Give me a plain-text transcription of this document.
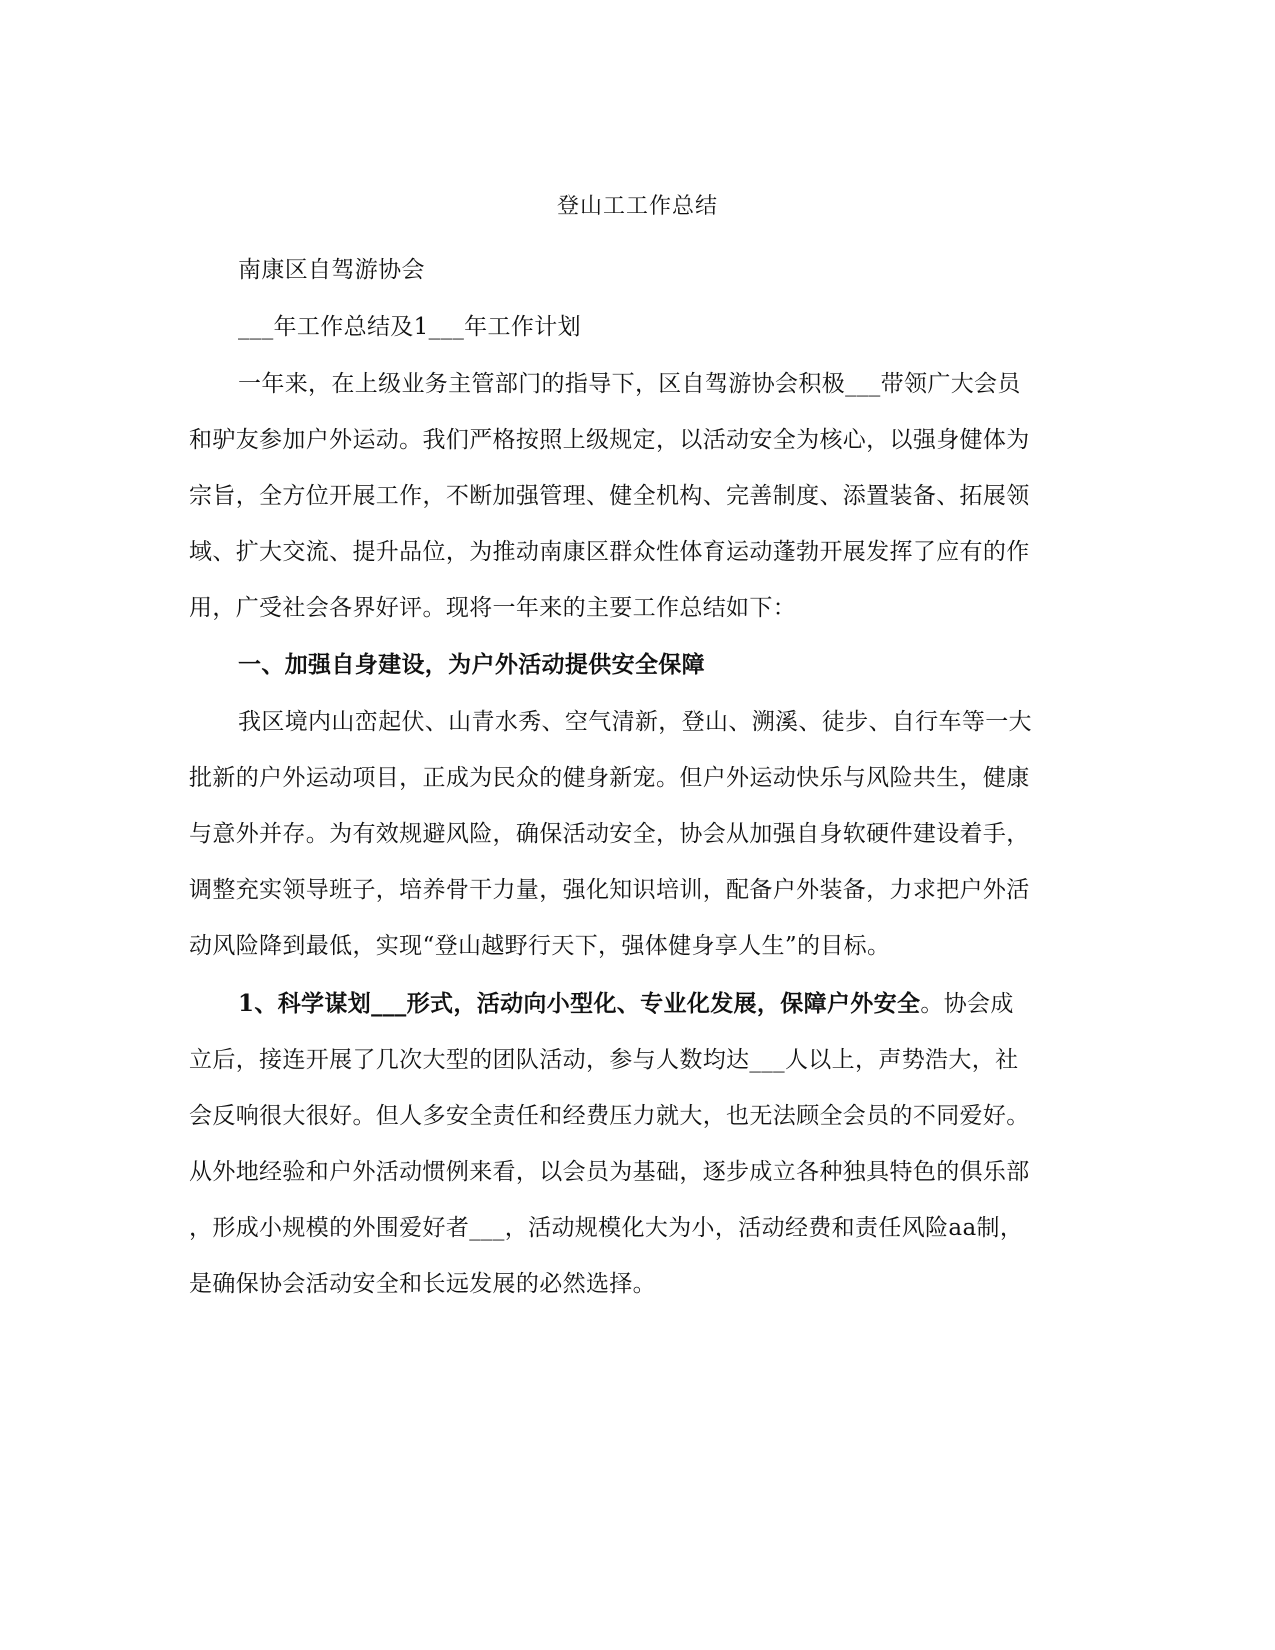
登山工工作总结
南康区自驾游协会
___年工作总结及1___年工作计划
一年来，在上级业务主管部门的指导下，区自驾游协会积极___带领广大会员
和驴友参加户外运动。我们严格按照上级规定，以活动安全为核心，以强身健体为
宗旨，全方位开展工作，不断加强管理、健全机构、完善制度、添置装备、拓展领
域、扩大交流、提升品位，为推动南康区群众性体育运动蓬勃开展发挥了应有的作
用，广受社会各界好评。现将一年来的主要工作总结如下：
一、加强自身建设，为户外活动提供安全保障
我区境内山峦起伏、山青水秀、空气清新，登山、溯溪、徒步、自行车等一大
批新的户外运动项目，正成为民众的健身新宠。但户外运动快乐与风险共生，健康
与意外并存。为有效规避风险，确保活动安全，协会从加强自身软硬件建设着手，
调整充实领导班子，培养骨干力量，强化知识培训，配备户外装备，力求把户外活
动风险降到最低，实现“登山越野行天下，强体健身享人生”的目标。
1、科学谋划___形式，活动向小型化、专业化发展，保障户外安全。协会成
立后，接连开展了几次大型的团队活动，参与人数均达___人以上，声势浩大，社
会反响很大很好。但人多安全责任和经费压力就大，也无法顾全会员的不同爱好。
从外地经验和户外活动惯例来看，以会员为基础，逐步成立各种独具特色的俱乐部
，形成小规模的外围爱好者___，活动规模化大为小，活动经费和责任风险aa制，
是确保协会活动安全和长远发展的必然选择。
